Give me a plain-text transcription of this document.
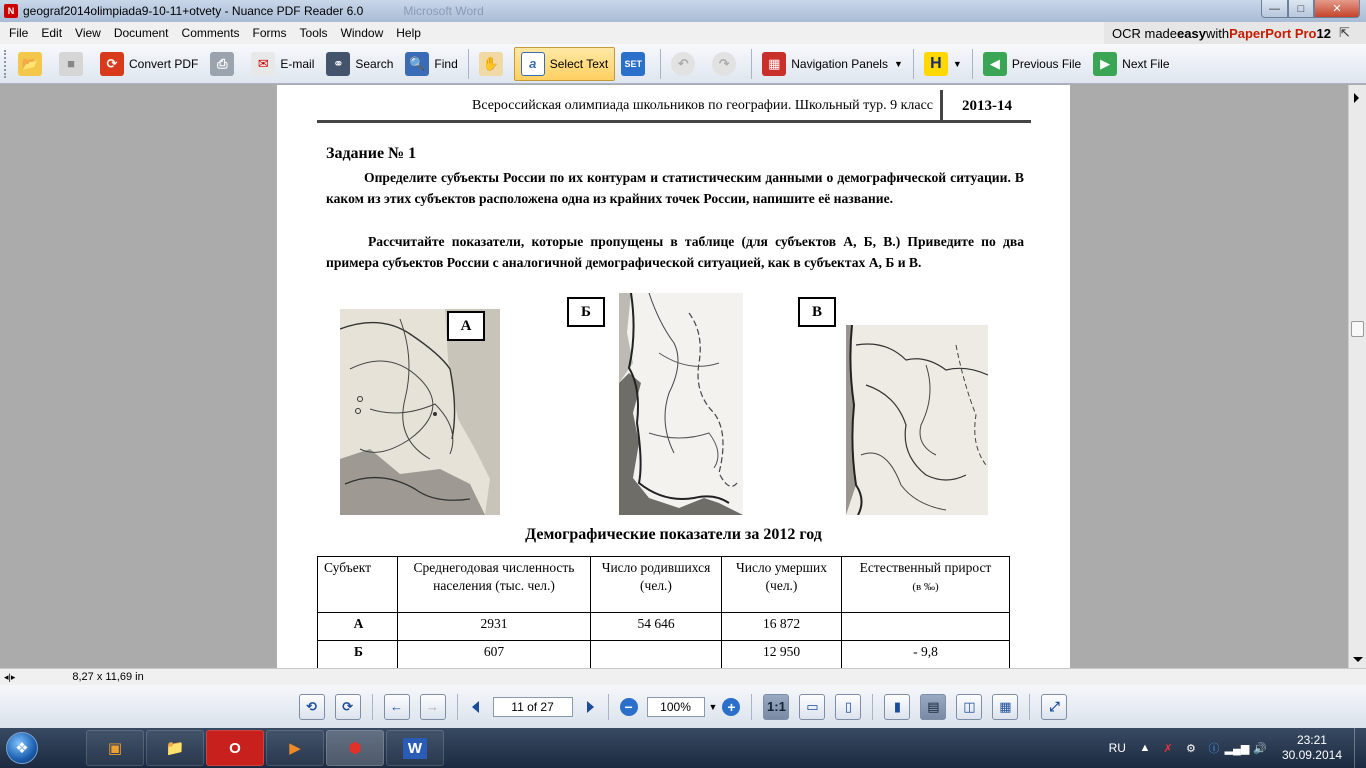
N geograf2014olimpiada9-10-11+otvety - Nuance PDF Reader 6.0	Microsoft Word	—	□	✕
File Edit View Document Comments Forms Tools Window Help	OCR made easy with PaperPort Pro 12 ⇱
📂	■	⟳ Convert PDF	⎙	✉ E-mail	⚭ Search	🔍 Find	✋	a	Select Text	SET	↶	↷	▦ Navigation Panels ▼	H	▼	◀	Previous File	▶	Next File
Всероссийская олимпиада школьников по географии. Школьный тур. 9 класс	2013-14
Задание № 1
Определите субъекты России по их контурам и статистическим данными о демографической ситуации. В каком из этих субъектов расположена одна из крайних точек России, напишите её название.
Рассчитайте показатели, которые пропущены в таблице (для субъектов А, Б, В.) Приведите по два примера субъектов России с аналогичной демографической ситуацией, как в субъектах А, Б и В.
А
Б	В
Демографические показатели за 2012 год
Субъект	Среднегодовая численность населения (тыс. чел.)	Число родившихся (чел.)	Число умерших (чел.)	Естественный прирост
(в ‰)
А	2931	54 646	16 872	
Б	607		12 950	- 9,8
◂|▸	8,27 x 11,69 in
⟲	⟳	←	→	11 of 27	−	100%	▼ +	1:1	▭	▯	▮	▤	◫	▦	⤢
❖	▣	📁	O	▶	⬢	W	RU ▲ ✗ ⚙ ⓘ ▂▄▆ 🔊
23:21
30.09.2014
